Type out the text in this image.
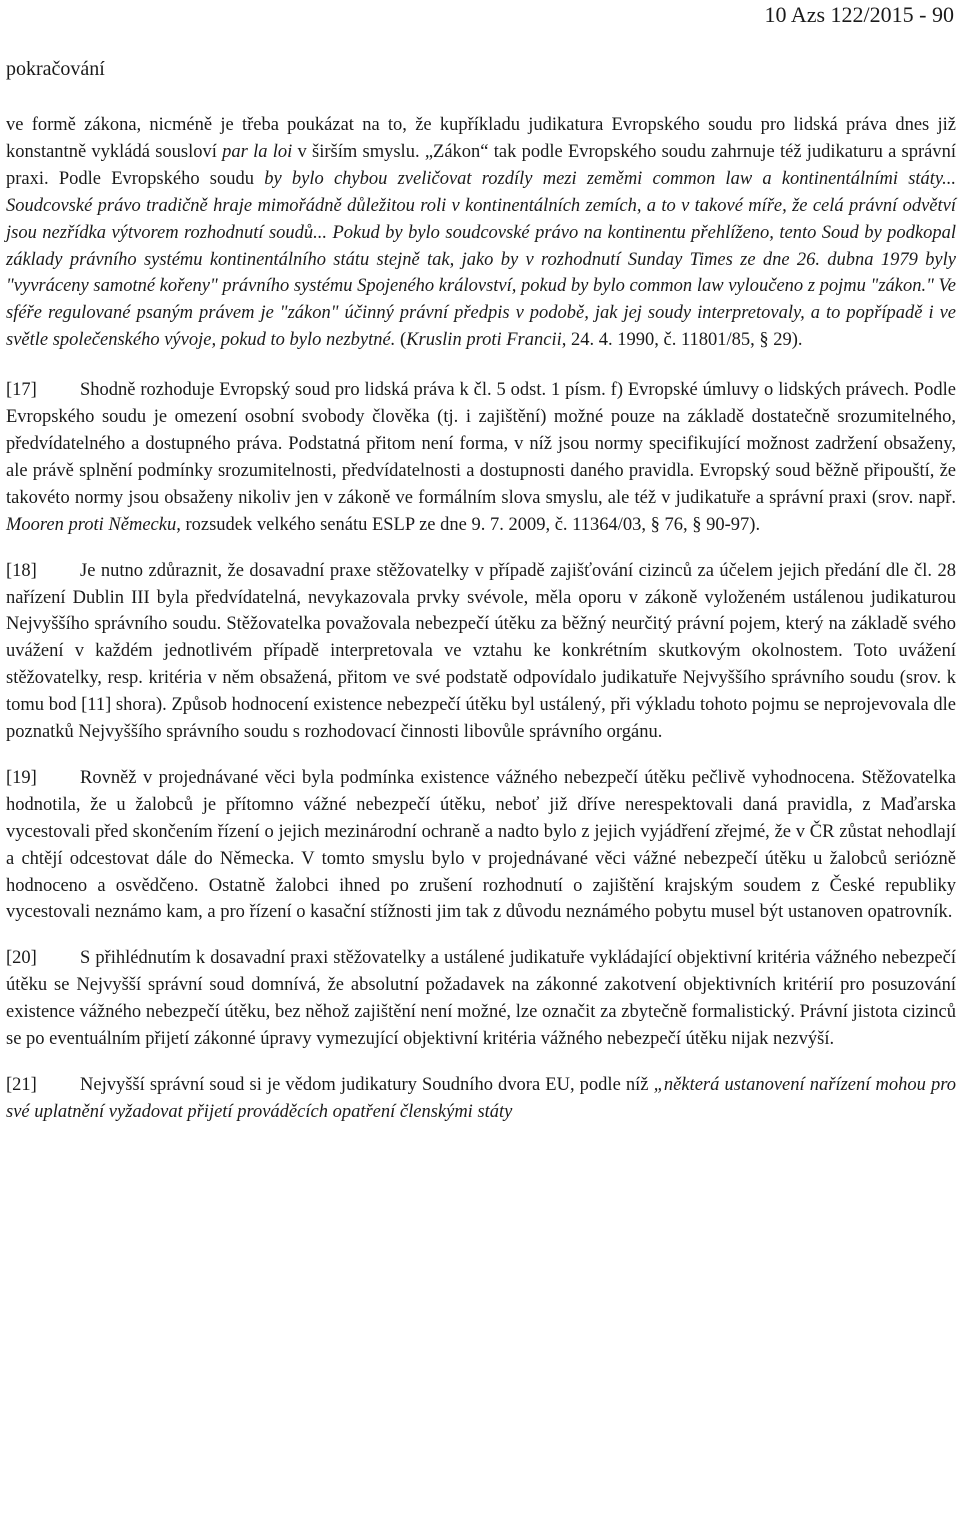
10 Azs 122/2015 - 90
pokračování

ve formě zákona, nicméně je třeba poukázat na to, že kupříkladu judikatura Evropského soudu pro lidská práva dnes již konstantně vykládá sousloví par la loi v širším smyslu. „Zákon“ tak podle Evropského soudu zahrnuje též judikaturu a správní praxi. Podle Evropského soudu by bylo chybou zveličovat rozdíly mezi zeměmi common law a kontinentálními státy... Soudcovské právo tradičně hraje mimořádně důležitou roli v kontinentálních zemích, a to v takové míře, že celá právní odvětví jsou nezřídka výtvorem rozhodnutí soudů... Pokud by bylo soudcovské právo na kontinentu přehlíženo, tento Soud by podkopal základy právního systému kontinentálního státu stejně tak, jako by v rozhodnutí Sunday Times ze dne 26. dubna 1979 byly "vyvráceny samotné kořeny" právního systému Spojeného království, pokud by bylo common law vyloučeno z pojmu "zákon." Ve sféře regulované psaným právem je "zákon" účinný právní předpis v podobě, jak jej soudy interpretovaly, a to popřípadě i ve světle společenského vývoje, pokud to bylo nezbytné. (Kruslin proti Francii, 24. 4. 1990, č. 11801/85, § 29).

[17] Shodně rozhoduje Evropský soud pro lidská práva k čl. 5 odst. 1 písm. f) Evropské úmluvy o lidských právech. Podle Evropského soudu je omezení osobní svobody člověka (tj. i zajištění) možné pouze na základě dostatečně srozumitelného, předvídatelného a dostupného práva. Podstatná přitom není forma, v níž jsou normy specifikující možnost zadržení obsaženy, ale právě splnění podmínky srozumitelnosti, předvídatelnosti a dostupnosti daného pravidla. Evropský soud běžně připouští, že takovéto normy jsou obsaženy nikoliv jen v zákoně ve formálním slova smyslu, ale též v judikatuře a správní praxi (srov. např. Mooren proti Německu, rozsudek velkého senátu ESLP ze dne 9. 7. 2009, č. 11364/03, § 76, § 90-97).

[18] Je nutno zdůraznit, že dosavadní praxe stěžovatelky v případě zajišťování cizinců za účelem jejich předání dle čl. 28 nařízení Dublin III byla předvídatelná, nevykazovala prvky svévole, měla oporu v zákoně vyloženém ustálenou judikaturou Nejvyššího správního soudu. Stěžovatelka považovala nebezpečí útěku za běžný neurčitý právní pojem, který na základě svého uvážení v každém jednotlivém případě interpretovala ve vztahu ke konkrétním skutkovým okolnostem. Toto uvážení stěžovatelky, resp. kritéria v něm obsažená, přitom ve své podstatě odpovídalo judikatuře Nejvyššího správního soudu (srov. k tomu bod [11] shora). Způsob hodnocení existence nebezpečí útěku byl ustálený, při výkladu tohoto pojmu se neprojevovala dle poznatků Nejvyššího správního soudu s rozhodovací činnosti libovůle správního orgánu.

[19] Rovněž v projednávané věci byla podmínka existence vážného nebezpečí útěku pečlivě vyhodnocena. Stěžovatelka hodnotila, že u žalobců je přítomno vážné nebezpečí útěku, neboť již dříve nerespektovali daná pravidla, z Maďarska vycestovali před skončením řízení o jejich mezinárodní ochraně a nadto bylo z jejich vyjádření zřejmé, že v ČR zůstat nehodlají a chtějí odcestovat dále do Německa. V tomto smyslu bylo v projednávané věci vážné nebezpečí útěku u žalobců seriózně hodnoceno a osvědčeno. Ostatně žalobci ihned po zrušení rozhodnutí o zajištění krajským soudem z České republiky vycestovali neznámo kam, a pro řízení o kasační stížnosti jim tak z důvodu neznámého pobytu musel být ustanoven opatrovník.

[20] S přihlédnutím k dosavadní praxi stěžovatelky a ustálené judikatuře vykládající objektivní kritéria vážného nebezpečí útěku se Nejvyšší správní soud domnívá, že absolutní požadavek na zákonné zakotvení objektivních kritérií pro posuzování existence vážného nebezpečí útěku, bez něhož zajištění není možné, lze označit za zbytečně formalistický. Právní jistota cizinců se po eventuálním přijetí zákonné úpravy vymezující objektivní kritéria vážného nebezpečí útěku nijak nezvýší.

[21] Nejvyšší správní soud si je vědom judikatury Soudního dvora EU, podle níž „některá ustanovení nařízení mohou pro své uplatnění vyžadovat přijetí prováděcích opatření členskými státy
